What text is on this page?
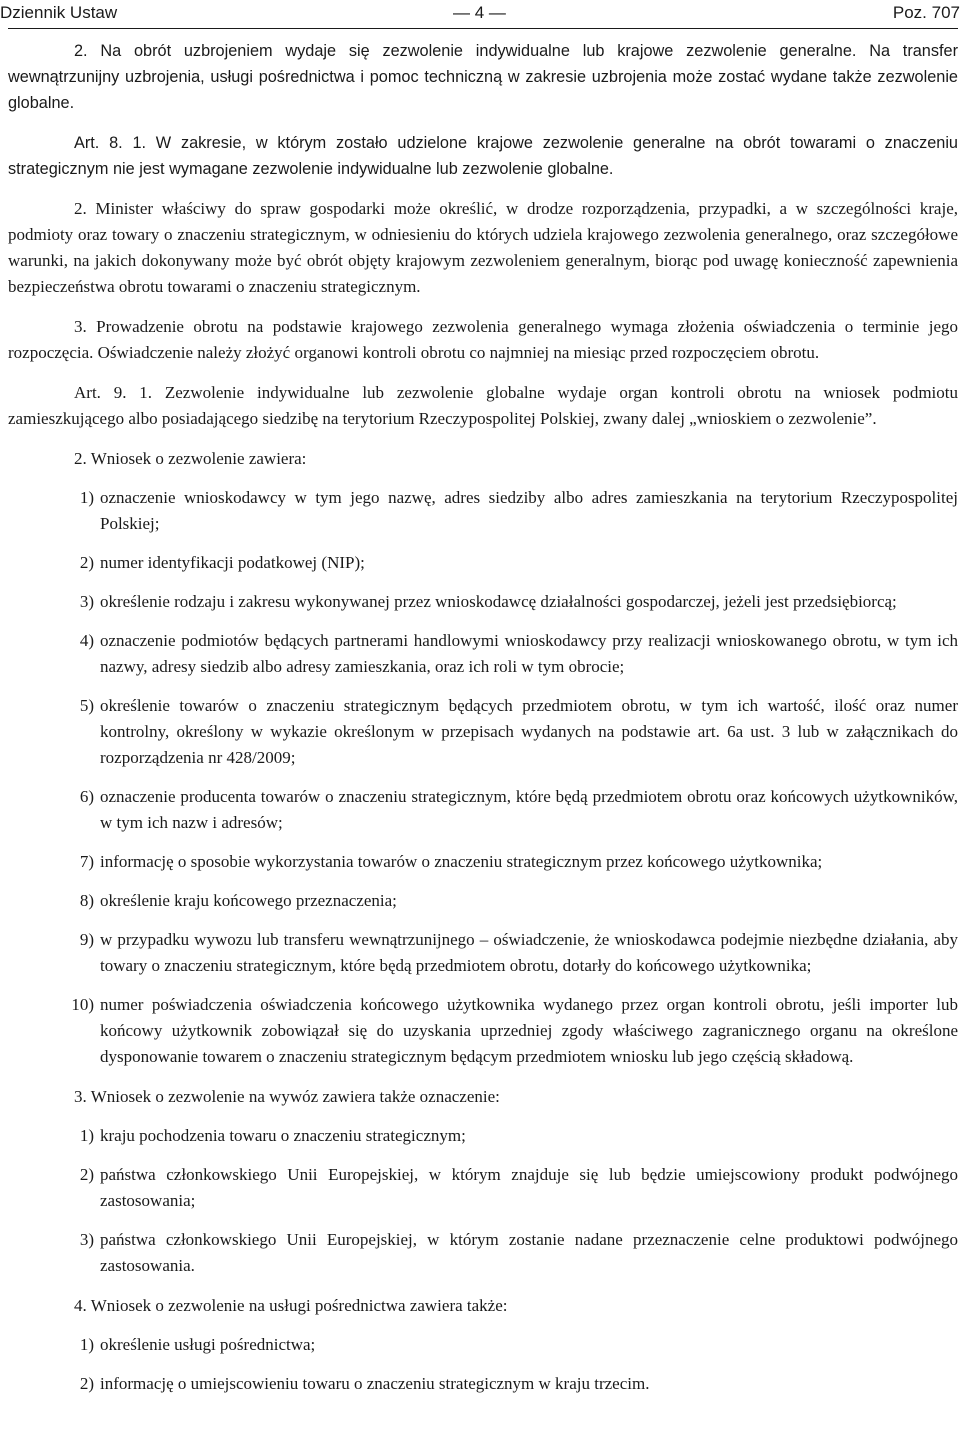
Dziennik Ustaw	— 4 —	Poz. 707

2. Na obrót uzbrojeniem wydaje się zezwolenie indywidualne lub krajowe zezwolenie generalne. Na transfer wewnątrzunijny uzbrojenia, usługi pośrednictwa i pomoc techniczną w zakresie uzbrojenia może zostać wydane także zezwolenie globalne.

Art. 8. 1. W zakresie, w którym zostało udzielone krajowe zezwolenie generalne na obrót towarami o znaczeniu strategicznym nie jest wymagane zezwolenie indywidualne lub zezwolenie globalne.

2. Minister właściwy do spraw gospodarki może określić, w drodze rozporządzenia, przypadki, a w szczególności kraje, podmioty oraz towary o znaczeniu strategicznym, w odniesieniu do których udziela krajowego zezwolenia generalnego, oraz szczegółowe warunki, na jakich dokonywany może być obrót objęty krajowym zezwoleniem generalnym, biorąc pod uwagę konieczność zapewnienia bezpieczeństwa obrotu towarami o znaczeniu strategicznym.

3. Prowadzenie obrotu na podstawie krajowego zezwolenia generalnego wymaga złożenia oświadczenia o terminie jego rozpoczęcia. Oświadczenie należy złożyć organowi kontroli obrotu co najmniej na miesiąc przed rozpoczęciem obrotu.

Art. 9. 1. Zezwolenie indywidualne lub zezwolenie globalne wydaje organ kontroli obrotu na wniosek podmiotu zamieszkującego albo posiadającego siedzibę na terytorium Rzeczypospolitej Polskiej, zwany dalej „wnioskiem o zezwolenie”.

2. Wniosek o zezwolenie zawiera:

1) oznaczenie wnioskodawcy w tym jego nazwę, adres siedziby albo adres zamieszkania na terytorium Rzeczypospolitej Polskiej;
2) numer identyfikacji podatkowej (NIP);
3) określenie rodzaju i zakresu wykonywanej przez wnioskodawcę działalności gospodarczej, jeżeli jest przedsiębiorcą;
4) oznaczenie podmiotów będących partnerami handlowymi wnioskodawcy przy realizacji wnioskowanego obrotu, w tym ich nazwy, adresy siedzib albo adresy zamieszkania, oraz ich roli w tym obrocie;
5) określenie towarów o znaczeniu strategicznym będących przedmiotem obrotu, w tym ich wartość, ilość oraz numer kontrolny, określony w wykazie określonym w przepisach wydanych na podstawie art. 6a ust. 3 lub w załącznikach do rozporządzenia nr 428/2009;
6) oznaczenie producenta towarów o znaczeniu strategicznym, które będą przedmiotem obrotu oraz końcowych użytkowników, w tym ich nazw i adresów;
7) informację o sposobie wykorzystania towarów o znaczeniu strategicznym przez końcowego użytkownika;
8) określenie kraju końcowego przeznaczenia;
9) w przypadku wywozu lub transferu wewnątrzunijnego – oświadczenie, że wnioskodawca podejmie niezbędne działania, aby towary o znaczeniu strategicznym, które będą przedmiotem obrotu, dotarły do końcowego użytkownika;
10) numer poświadczenia oświadczenia końcowego użytkownika wydanego przez organ kontroli obrotu, jeśli importer lub końcowy użytkownik zobowiązał się do uzyskania uprzedniej zgody właściwego zagranicznego organu na określone dysponowanie towarem o znaczeniu strategicznym będącym przedmiotem wniosku lub jego częścią składową.

3. Wniosek o zezwolenie na wywóz zawiera także oznaczenie:

1) kraju pochodzenia towaru o znaczeniu strategicznym;
2) państwa członkowskiego Unii Europejskiej, w którym znajduje się lub będzie umiejscowiony produkt podwójnego zastosowania;
3) państwa członkowskiego Unii Europejskiej, w którym zostanie nadane przeznaczenie celne produktowi podwójnego zastosowania.

4. Wniosek o zezwolenie na usługi pośrednictwa zawiera także:

1) określenie usługi pośrednictwa;
2) informację o umiejscowieniu towaru o znaczeniu strategicznym w kraju trzecim.
